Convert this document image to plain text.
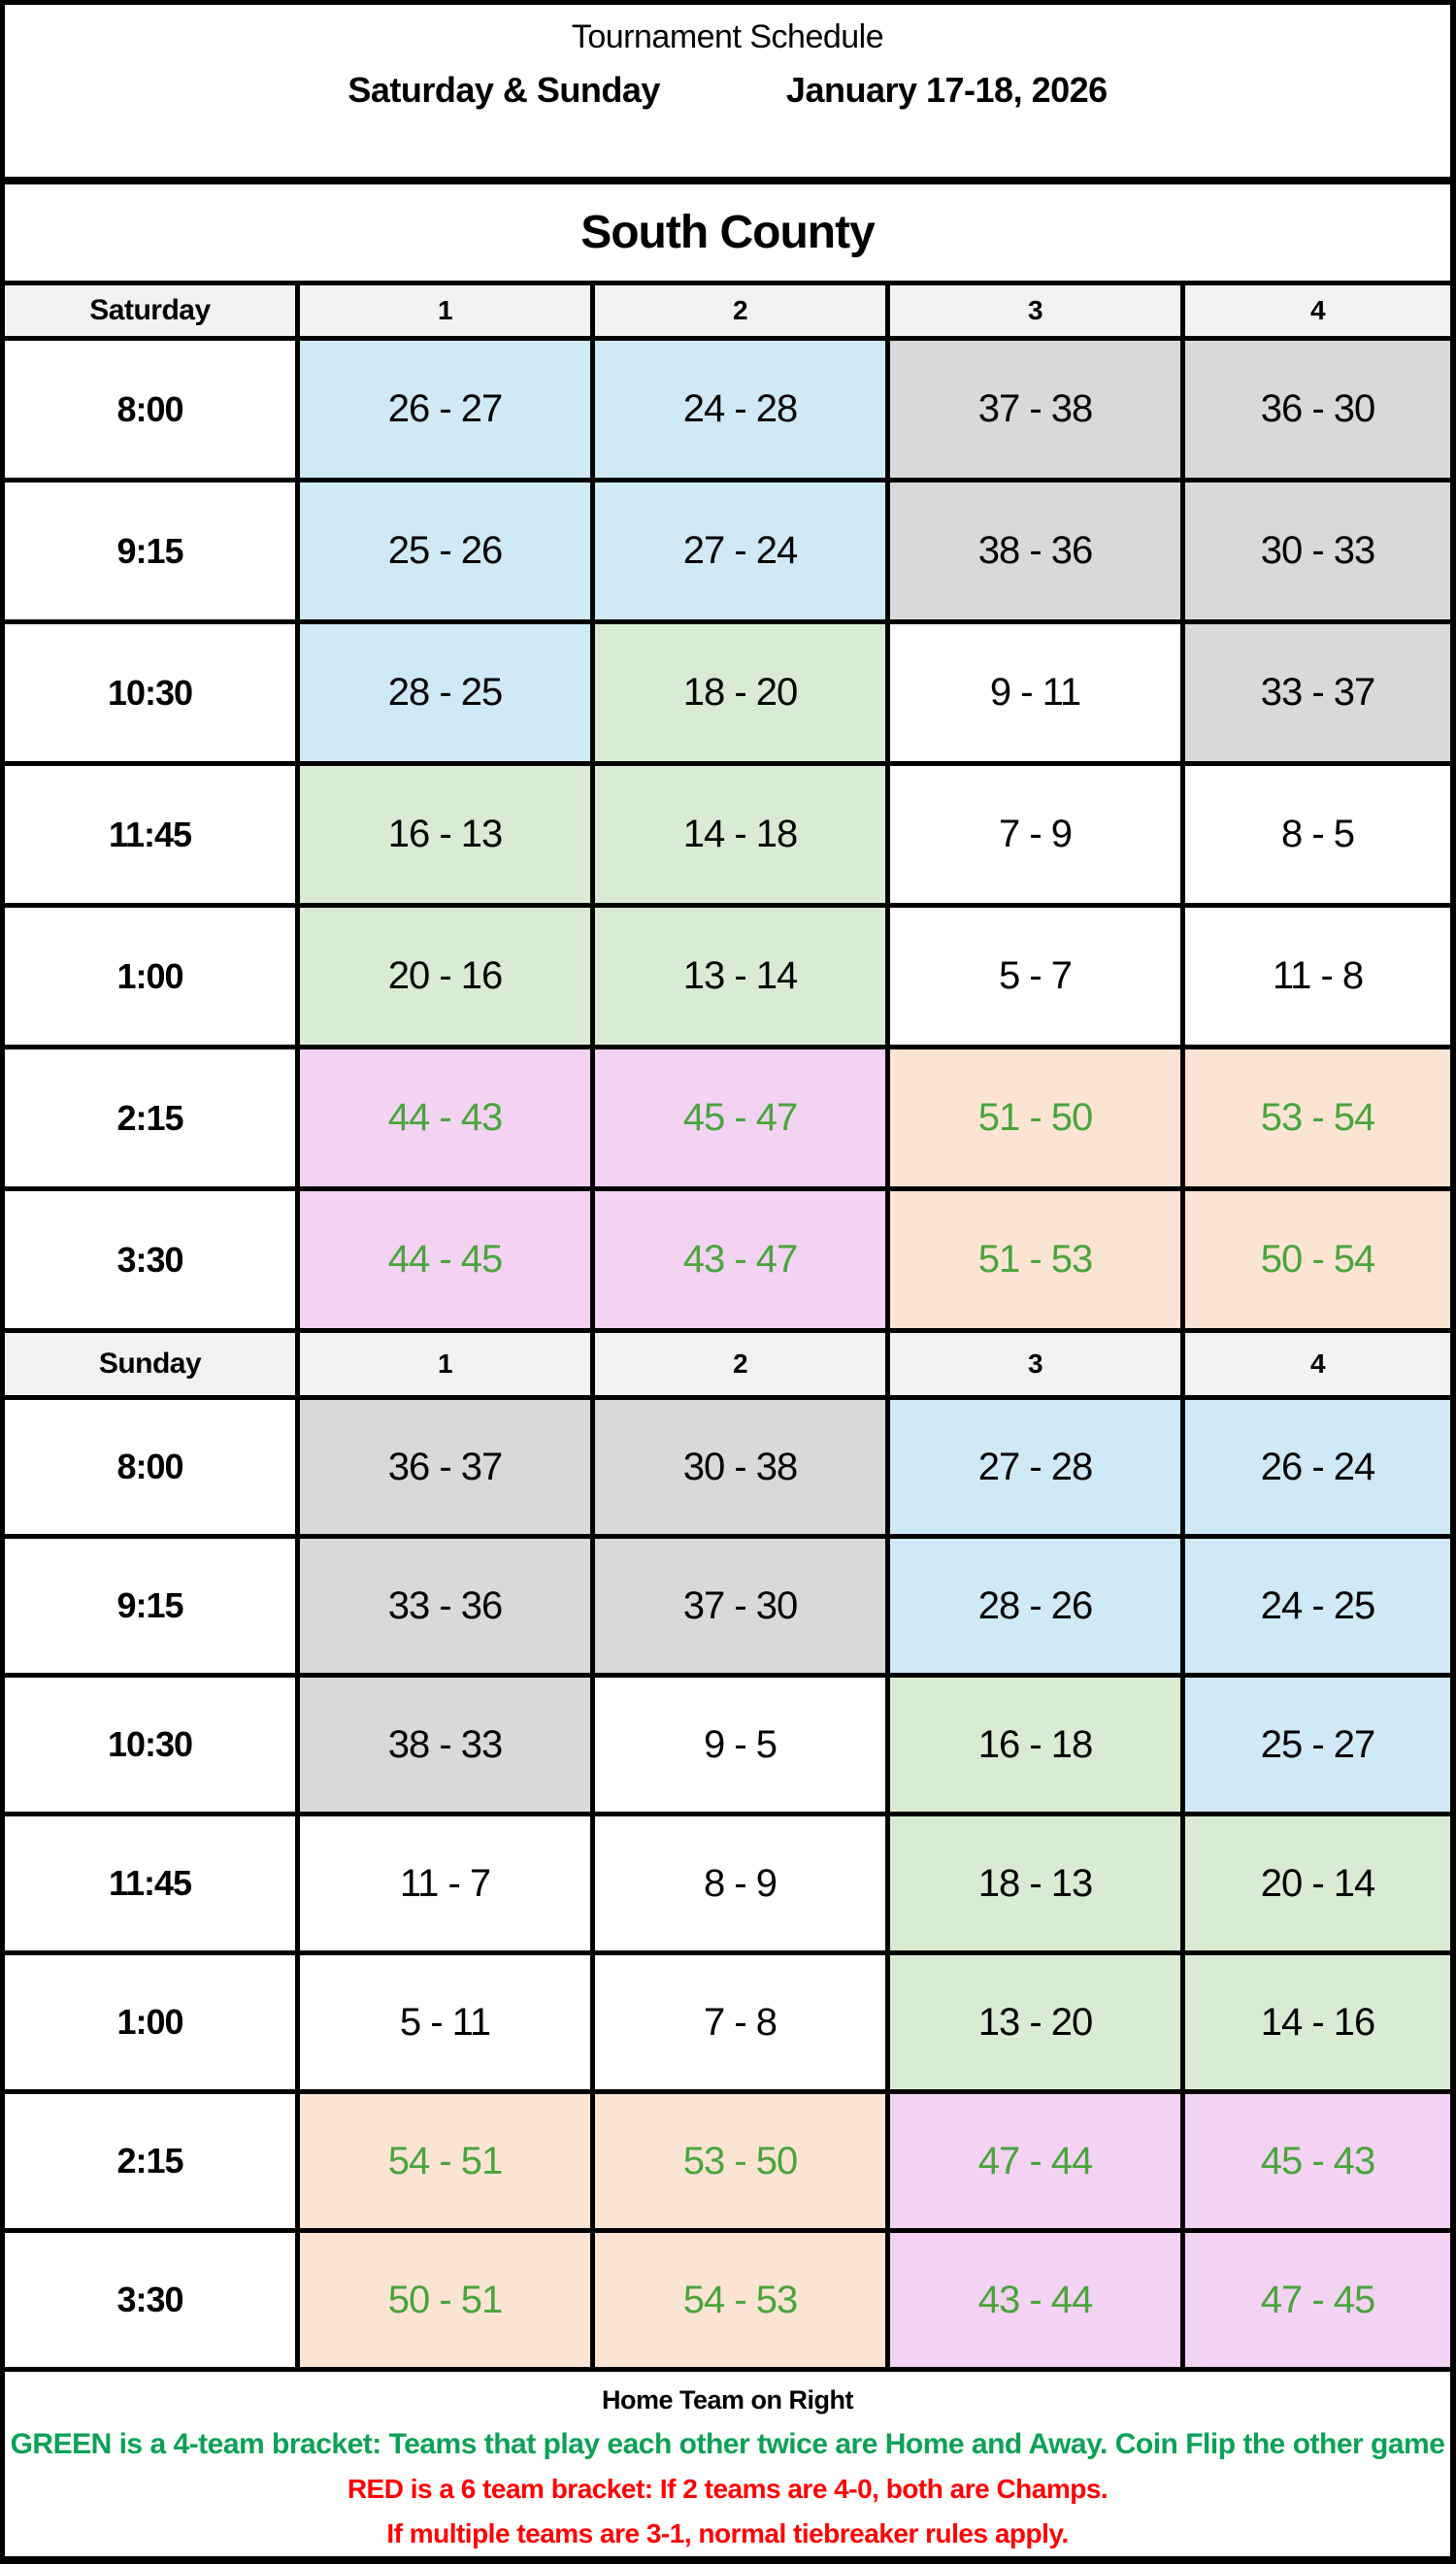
Tournament Schedule
Saturday & Sunday	January 17-18, 2026
South County
Saturday	1	2	3	4
8:00	26 - 27	24 - 28	37 - 38	36 - 30
9:15	25 - 26	27 - 24	38 - 36	30 - 33
10:30	28 - 25	18 - 20	9 - 11	33 - 37
11:45	16 - 13	14 - 18	7 - 9	8 - 5
1:00	20 - 16	13 - 14	5 - 7	11 - 8
2:15	44 - 43	45 - 47	51 - 50	53 - 54
3:30	44 - 45	43 - 47	51 - 53	50 - 54
Sunday	1	2	3	4
8:00	36 - 37	30 - 38	27 - 28	26 - 24
9:15	33 - 36	37 - 30	28 - 26	24 - 25
10:30	38 - 33	9 - 5	16 - 18	25 - 27
11:45	11 - 7	8 - 9	18 - 13	20 - 14
1:00	5 - 11	7 - 8	13 - 20	14 - 16
2:15	54 - 51	53 - 50	47 - 44	45 - 43
3:30	50 - 51	54 - 53	43 - 44	47 - 45
Home Team on Right
GREEN is a 4-team bracket: Teams that play each other twice are Home and Away. Coin Flip the other game
RED is a 6 team bracket: If 2 teams are 4-0, both are Champs.
If multiple teams are 3-1, normal tiebreaker rules apply.
